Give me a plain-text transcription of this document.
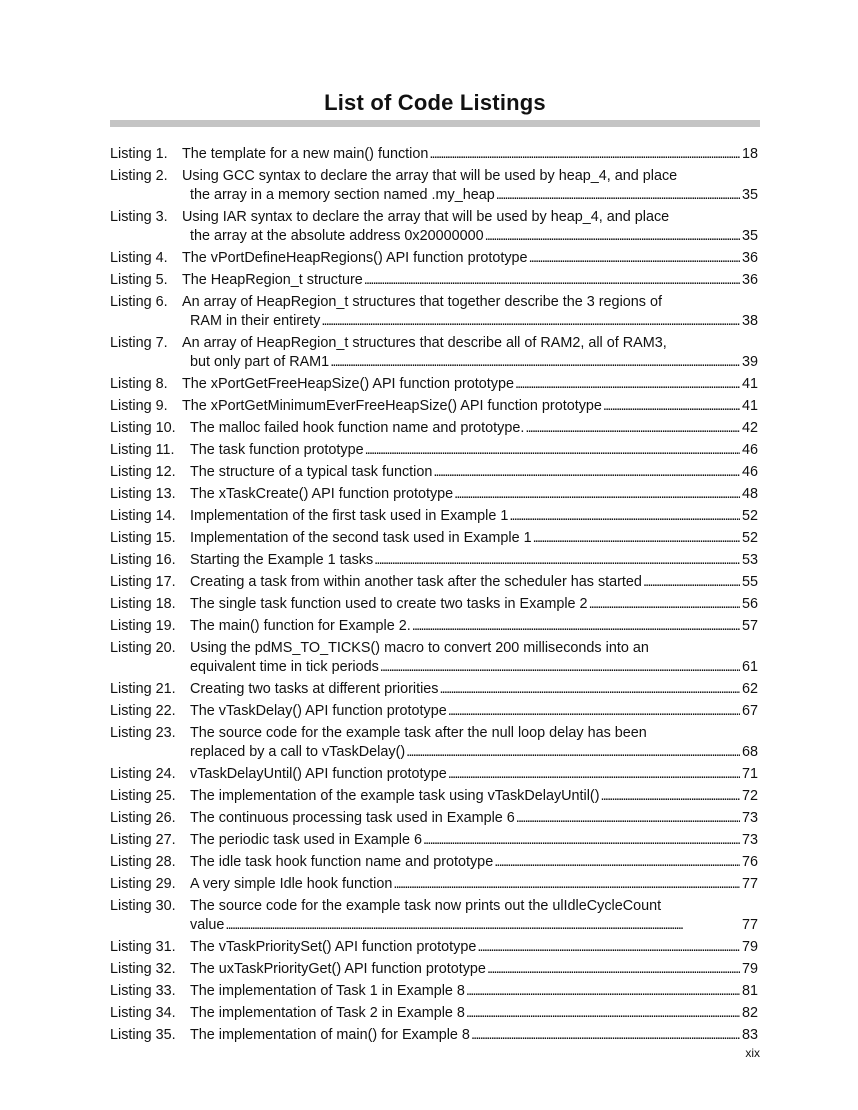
List of Code Listings
Listing 1. The template for a new main() function . . .	18
Listing 2. Using GCC syntax to declare the array that will be used by heap_4, and place
the array in a memory section named .my_heap . . .	35
Listing 3. Using IAR syntax to declare the array that will be used by heap_4, and place
the array at the absolute address 0x20000000 . . .	35
Listing 4. The vPortDefineHeapRegions() API function prototype . . .	36
Listing 5. The HeapRegion_t structure . . .	36
Listing 6. An array of HeapRegion_t structures that together describe the 3 regions of
RAM in their entirety . . .	38
Listing 7. An array of HeapRegion_t structures that describe all of RAM2, all of RAM3,
but only part of RAM1 . . .	39
Listing 8. The xPortGetFreeHeapSize() API function prototype . . .	41
Listing 9. The xPortGetMinimumEverFreeHeapSize() API function prototype . . .	41
Listing 10. The malloc failed hook function name and prototype. . . .	42
Listing 11.	The task function prototype . . .	46
Listing 12. The structure of a typical task function . . .	46
Listing 13. The xTaskCreate() API function prototype . . .	48
Listing 14. Implementation of the first task used in Example 1 . . .	52
Listing 15. Implementation of the second task used in Example 1 . . .	52
Listing 16. Starting the Example 1 tasks . . .	53
Listing 17. Creating a task from within another task after the scheduler has started . . .	55
Listing 18. The single task function used to create two tasks in Example 2 . . .	56
Listing 19. The main() function for Example 2. . . .	57
Listing 20. Using the pdMS_TO_TICKS() macro to convert 200 milliseconds into an
equivalent time in tick periods . . .	61
Listing 21. Creating two tasks at different priorities . . .	62
Listing 22. The vTaskDelay() API function prototype . . .	67
Listing 23. The source code for the example task after the null loop delay has been
replaced by a call to vTaskDelay() . . .	68
Listing 24. vTaskDelayUntil() API function prototype . . .	71
Listing 25. The implementation of the example task using vTaskDelayUntil() . . .	72
Listing 26. The continuous processing task used in Example 6 . . .	73
Listing 27. The periodic task used in Example 6 . . .	73
Listing 28. The idle task hook function name and prototype . . .	76
Listing 29. A very simple Idle hook function . . .	77
Listing 30. The source code for the example task now prints out the ulIdleCycleCount
value . . .	77
Listing 31. The vTaskPrioritySet() API function prototype . . .	79
Listing 32. The uxTaskPriorityGet() API function prototype . . .	79
Listing 33. The implementation of Task 1 in Example 8 . . .	81
Listing 34. The implementation of Task 2 in Example 8 . . .	82
Listing 35. The implementation of main() for Example 8 . . .	83
xix
